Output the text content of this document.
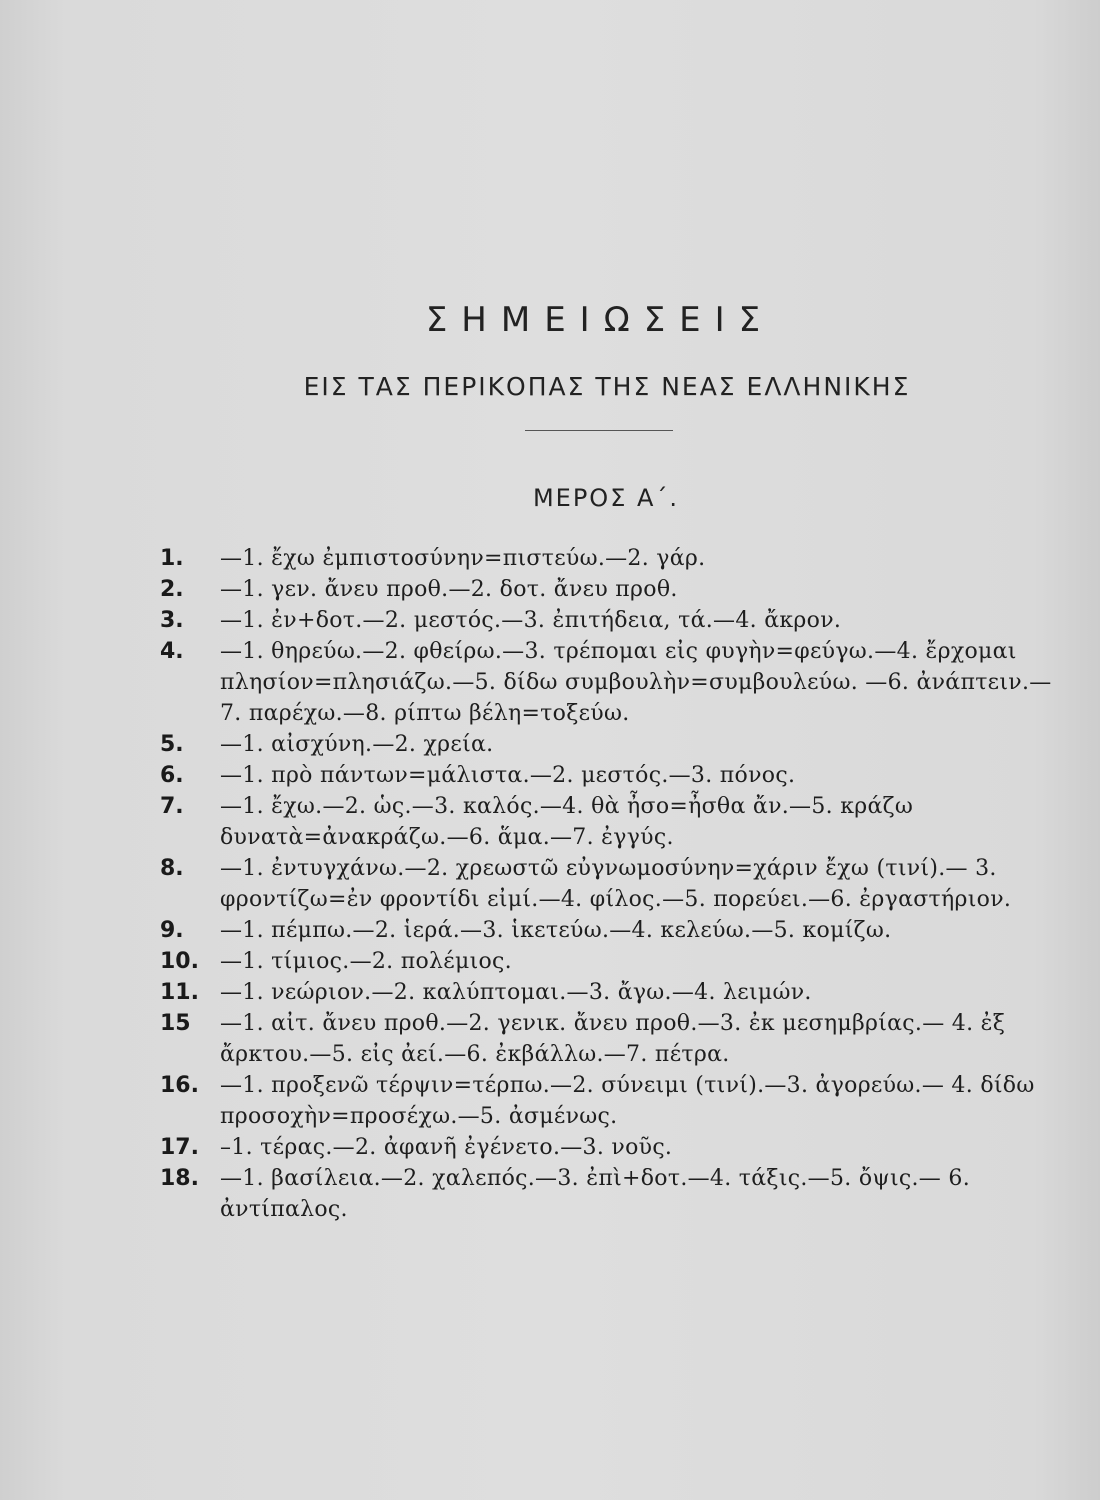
ΣΗΜΕΙΩΣΕΙΣ
ΕΙΣ ΤΑΣ ΠΕΡΙΚΟΠΑΣ ΤΗΣ ΝΕΑΣ ΕΛΛΗΝΙΚΗΣ
ΜΕΡΟΣ Α΄.
1. —1. ἔχω ἐμπιστοσύνην=πιστεύω.—2. γάρ.
2. —1. γεν. ἄνευ προθ.—2. δοτ. ἄνευ προθ.
3. —1. ἐν+δοτ.—2. μεστός.—3. ἐπιτήδεια, τά.—4. ἄκρον.
4. —1. θηρεύω.—2. φθείρω.—3. τρέπομαι εἰς φυγὴν=φεύγω.—4. ἔρχομαι πλησίον=πλησιάζω.—5. δίδω συμβουλὴν=συμβουλεύω. —6. ἀνάπτειν.—7. παρέχω.—8. ρίπτω βέλη=τοξεύω.
5. —1. αἰσχύνη.—2. χρεία.
6. —1. πρὸ πάντων=μάλιστα.—2. μεστός.—3. πόνος.
7. —1. ἔχω.—2. ὡς.—3. καλός.—4. θὰ ἦσο=ἦσθα ἄν.—5. κράζω δυνατὰ=ἀνακράζω.—6. ἅμα.—7. ἐγγύς.
8. —1. ἐντυγχάνω.—2. χρεωστῶ εὐγνωμοσύνην=χάριν ἔχω (τινί).— 3. φροντίζω=ἐν φροντίδι εἰμί.—4. φίλος.—5. πορεύει.—6. ἐργαστήριον.
9. —1. πέμπω.—2. ἱερά.—3. ἱκετεύω.—4. κελεύω.—5. κομίζω.
10. —1. τίμιος.—2. πολέμιος.
11. —1. νεώριον.—2. καλύπτομαι.—3. ἄγω.—4. λειμών.
15 —1. αἰτ. ἄνευ προθ.—2. γενικ. ἄνευ προθ.—3. ἐκ μεσημβρίας.— 4. ἐξ ἄρκτου.—5. εἰς ἀεί.—6. ἐκβάλλω.—7. πέτρα.
16. —1. προξενῶ τέρψιν=τέρπω.—2. σύνειμι (τινί).—3. ἀγορεύω.— 4. δίδω προσοχὴν=προσέχω.—5. ἀσμένως.
17. –1. τέρας.—2. ἀφανῆ ἐγένετο.—3. νοῦς.
18. —1. βασίλεια.—2. χαλεπός.—3. ἐπὶ+δοτ.—4. τάξις.—5. ὄψις.— 6. ἀντίπαλος.
